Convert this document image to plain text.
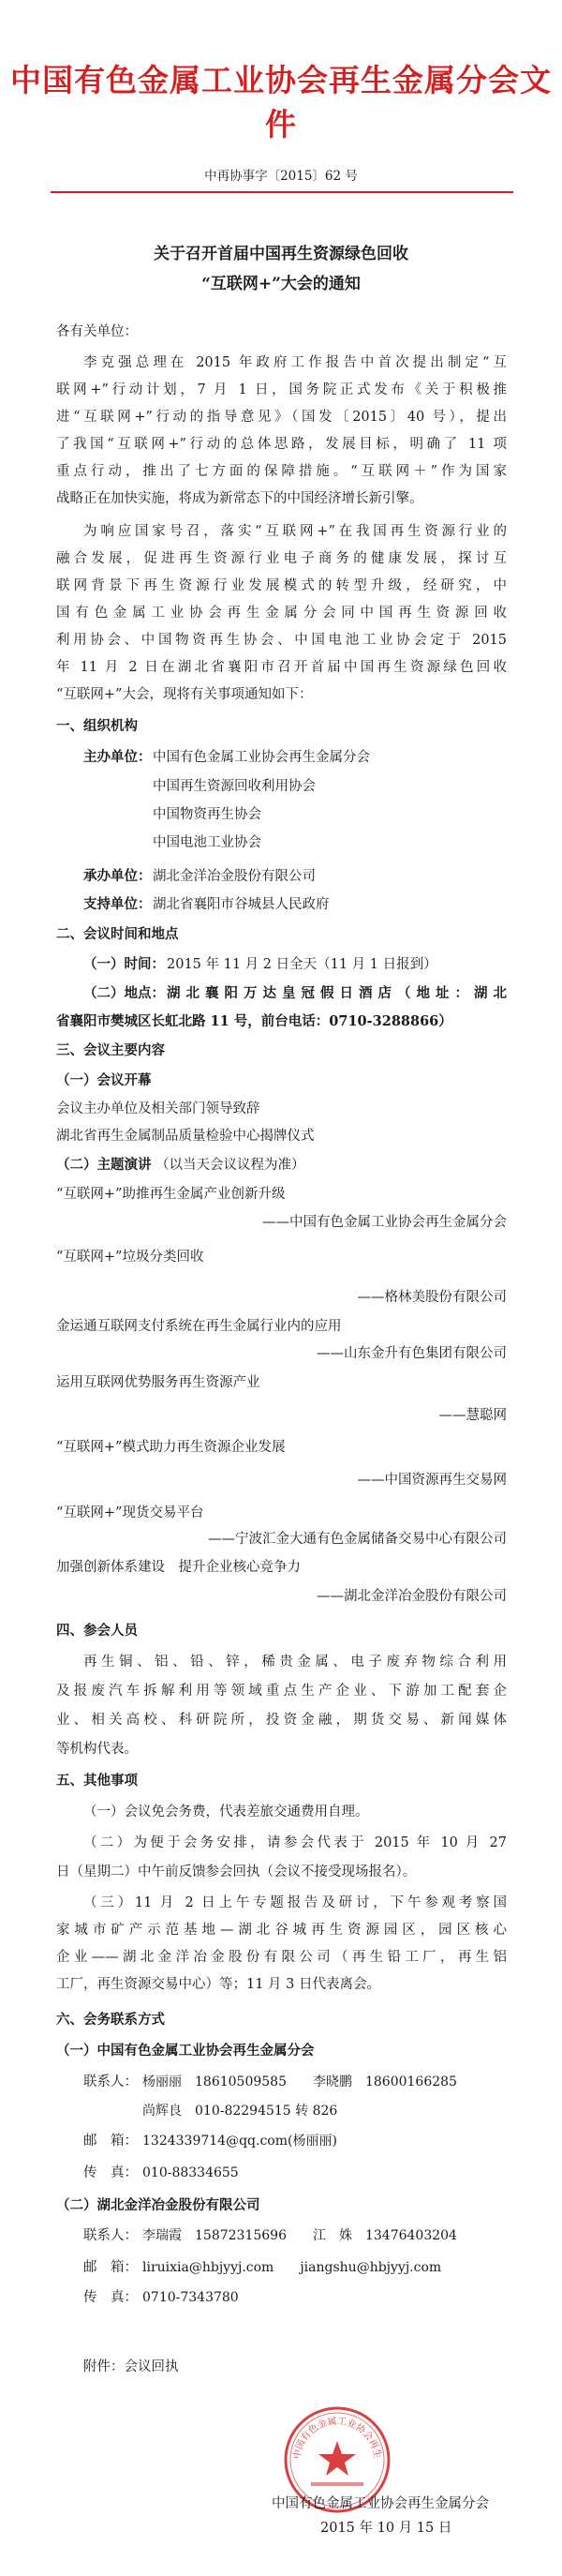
中国有色金属工业协会再生金属分会文件
中再协事字〔2015〕62 号
关于召开首届中国再生资源绿色回收
“互联网+”大会的通知
各有关单位：
李克强总理在 2015 年政府工作报告中首次提出制定“互
联网+”行动计划，7 月 1 日，国务院正式发布《关于积极推
进“互联网+”行动的指导意见》（国发〔2015〕40 号），提出
了我国“互联网+”行动的总体思路，发展目标，明确了 11 项
重点行动，推出了七方面的保障措施。“互联网＋”作为国家
战略正在加快实施，将成为新常态下的中国经济增长新引擎。
为响应国家号召，落实“互联网+”在我国再生资源行业的
融合发展，促进再生资源行业电子商务的健康发展，探讨互
联网背景下再生资源行业发展模式的转型升级，经研究，中
国有色金属工业协会再生金属分会同中国再生资源回收
利用协会、中国物资再生协会、中国电池工业协会定于 2015
年 11 月 2 日在湖北省襄阳市召开首届中国再生资源绿色回收
“互联网+”大会，现将有关事项通知如下：
一、组织机构
主办单位： 中国有色金属工业协会再生金属分会
中国再生资源回收利用协会
中国物资再生协会
中国电池工业协会
承办单位： 湖北金洋冶金股份有限公司
支持单位： 湖北省襄阳市谷城县人民政府
二、会议时间和地点
（一）时间： 2015 年 11 月 2 日全天（11 月 1 日报到）
（二）地点： 湖北襄阳万达皇冠假日酒店（地址：湖北
省襄阳市樊城区长虹北路 11 号，前台电话：0710-3288866）
三、会议主要内容
（一）会议开幕
会议主办单位及相关部门领导致辞
湖北省再生金属制品质量检验中心揭牌仪式
（二）主题演讲 （以当天会议议程为准）
“互联网+”助推再生金属产业创新升级
——中国有色金属工业协会再生金属分会
“互联网+”垃圾分类回收
——格林美股份有限公司
金运通互联网支付系统在再生金属行业内的应用
——山东金升有色集团有限公司
运用互联网优势服务再生资源产业
——慧聪网
“互联网+”模式助力再生资源企业发展
——中国资源再生交易网
“互联网+”现货交易平台
——宁波汇金大通有色金属储备交易中心有限公司
加强创新体系建设　提升企业核心竞争力
——湖北金洋冶金股份有限公司
四、参会人员
再生铜、铝、铅、锌，稀贵金属、电子废弃物综合利用
及报废汽车拆解利用等领域重点生产企业、下游加工配套企
业、相关高校、科研院所，投资金融，期货交易、新闻媒体
等机构代表。
五、其他事项
（一）会议免会务费，代表差旅交通费用自理。
（二）为便于会务安排，请参会代表于 2015 年 10 月 27
日（星期二）中午前反馈参会回执（会议不接受现场报名）。
（三）11 月 2 日上午专题报告及研讨，下午参观考察国
家城市矿产示范基地—湖北谷城再生资源园区，园区核心
企业——湖北金洋冶金股份有限公司（再生铅工厂，再生铝
工厂，再生资源交易中心）等；11 月 3 日代表离会。
六、会务联系方式
（一）中国有色金属工业协会再生金属分会
联系人： 杨丽丽　18610509585　　李晓鹏　18600166285
尚辉良　010-82294515 转 826
邮　箱： 1324339714@qq.com(杨丽丽)
传　真： 010-88334655
（二）湖北金洋冶金股份有限公司
联系人： 李瑞霞　15872315696　　江　姝　13476403204
邮　箱： liruixia@hbjyyj.com　　jiangshu@hbjyyj.com
传　真： 0710-7343780
附件：会议回执
中国有色金属工业协会再生
中国有色金属工业协会再生金属分会
2015 年 10 月 15 日
